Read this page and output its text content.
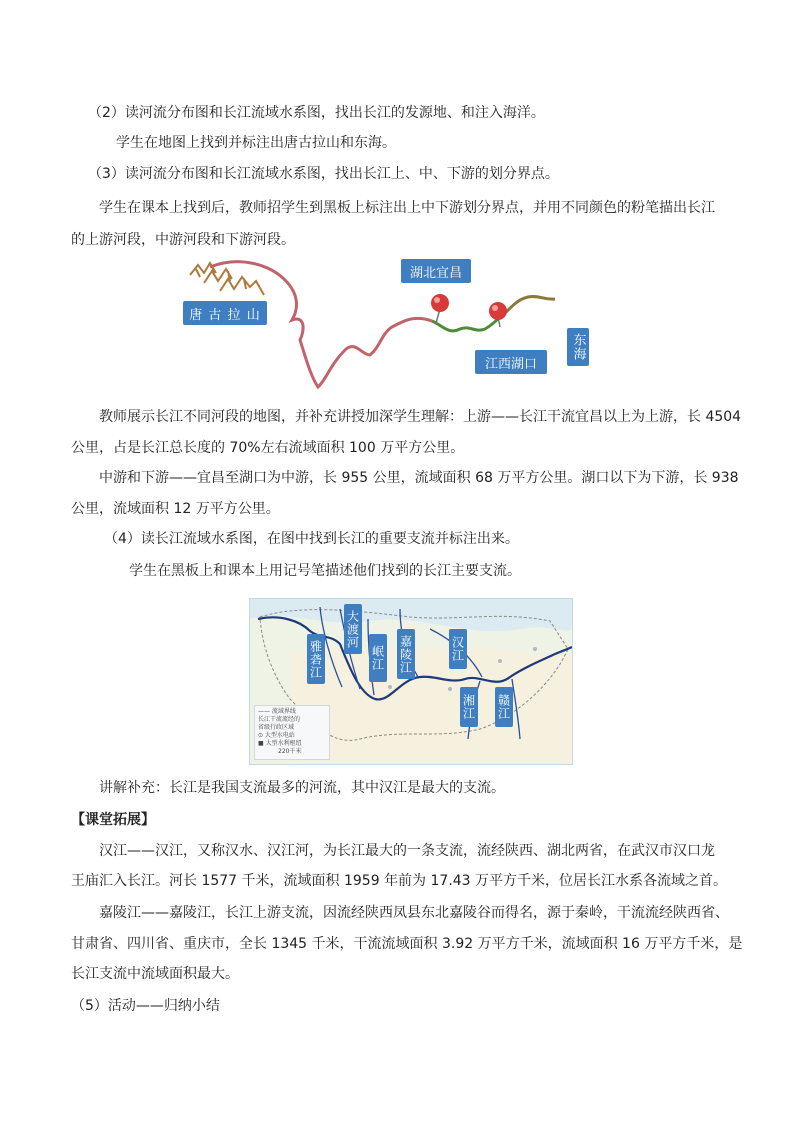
（2）读河流分布图和长江流域水系图，找出长江的发源地、和注入海洋。
学生在地图上找到并标注出唐古拉山和东海。
（3）读河流分布图和长江流域水系图，找出长江上、中、下游的划分界点。
学生在课本上找到后，教师招学生到黑板上标注出上中下游划分界点，并用不同颜色的粉笔描出长江
的上游河段，中游河段和下游河段。
唐 古 拉 山
湖北宜昌
江西湖口
东海
教师展示长江不同河段的地图，并补充讲授加深学生理解：上游——长江干流宜昌以上为上游，长 4504
公里，占是长江总长度的 70%左右流域面积 100 万平方公里。
中游和下游——宜昌至湖口为中游，长 955 公里，流域面积 68 万平方公里。湖口以下为下游，长 938
公里，流域面积 12 万平方公里。
（4）读长江流域水系图，在图中找到长江的重要支流并标注出来。
学生在黑板上和课本上用记号笔描述他们找到的长江主要支流。
雅砻江
大渡河
岷江 嘉陵江	汉江
湘江 赣江
—— 流域界线
长江干流流经的
省级行政区域
⊙ 大型水电站
■ 大型水利枢纽
220千米
讲解补充：长江是我国支流最多的河流，其中汉江是最大的支流。
【课堂拓展】
汉江——汉江，又称汉水、汉江河，为长江最大的一条支流，流经陕西、湖北两省，在武汉市汉口龙
王庙汇入长江。河长 1577 千米，流域面积 1959 年前为 17.43 万平方千米，位居长江水系各流域之首。
嘉陵江——嘉陵江，长江上游支流，因流经陕西凤县东北嘉陵谷而得名，源于秦岭，干流流经陕西省、
甘肃省、四川省、重庆市，全长 1345 千米，干流流域面积 3.92 万平方千米，流域面积 16 万平方千米，是
长江支流中流域面积最大。
（5）活动——归纳小结
